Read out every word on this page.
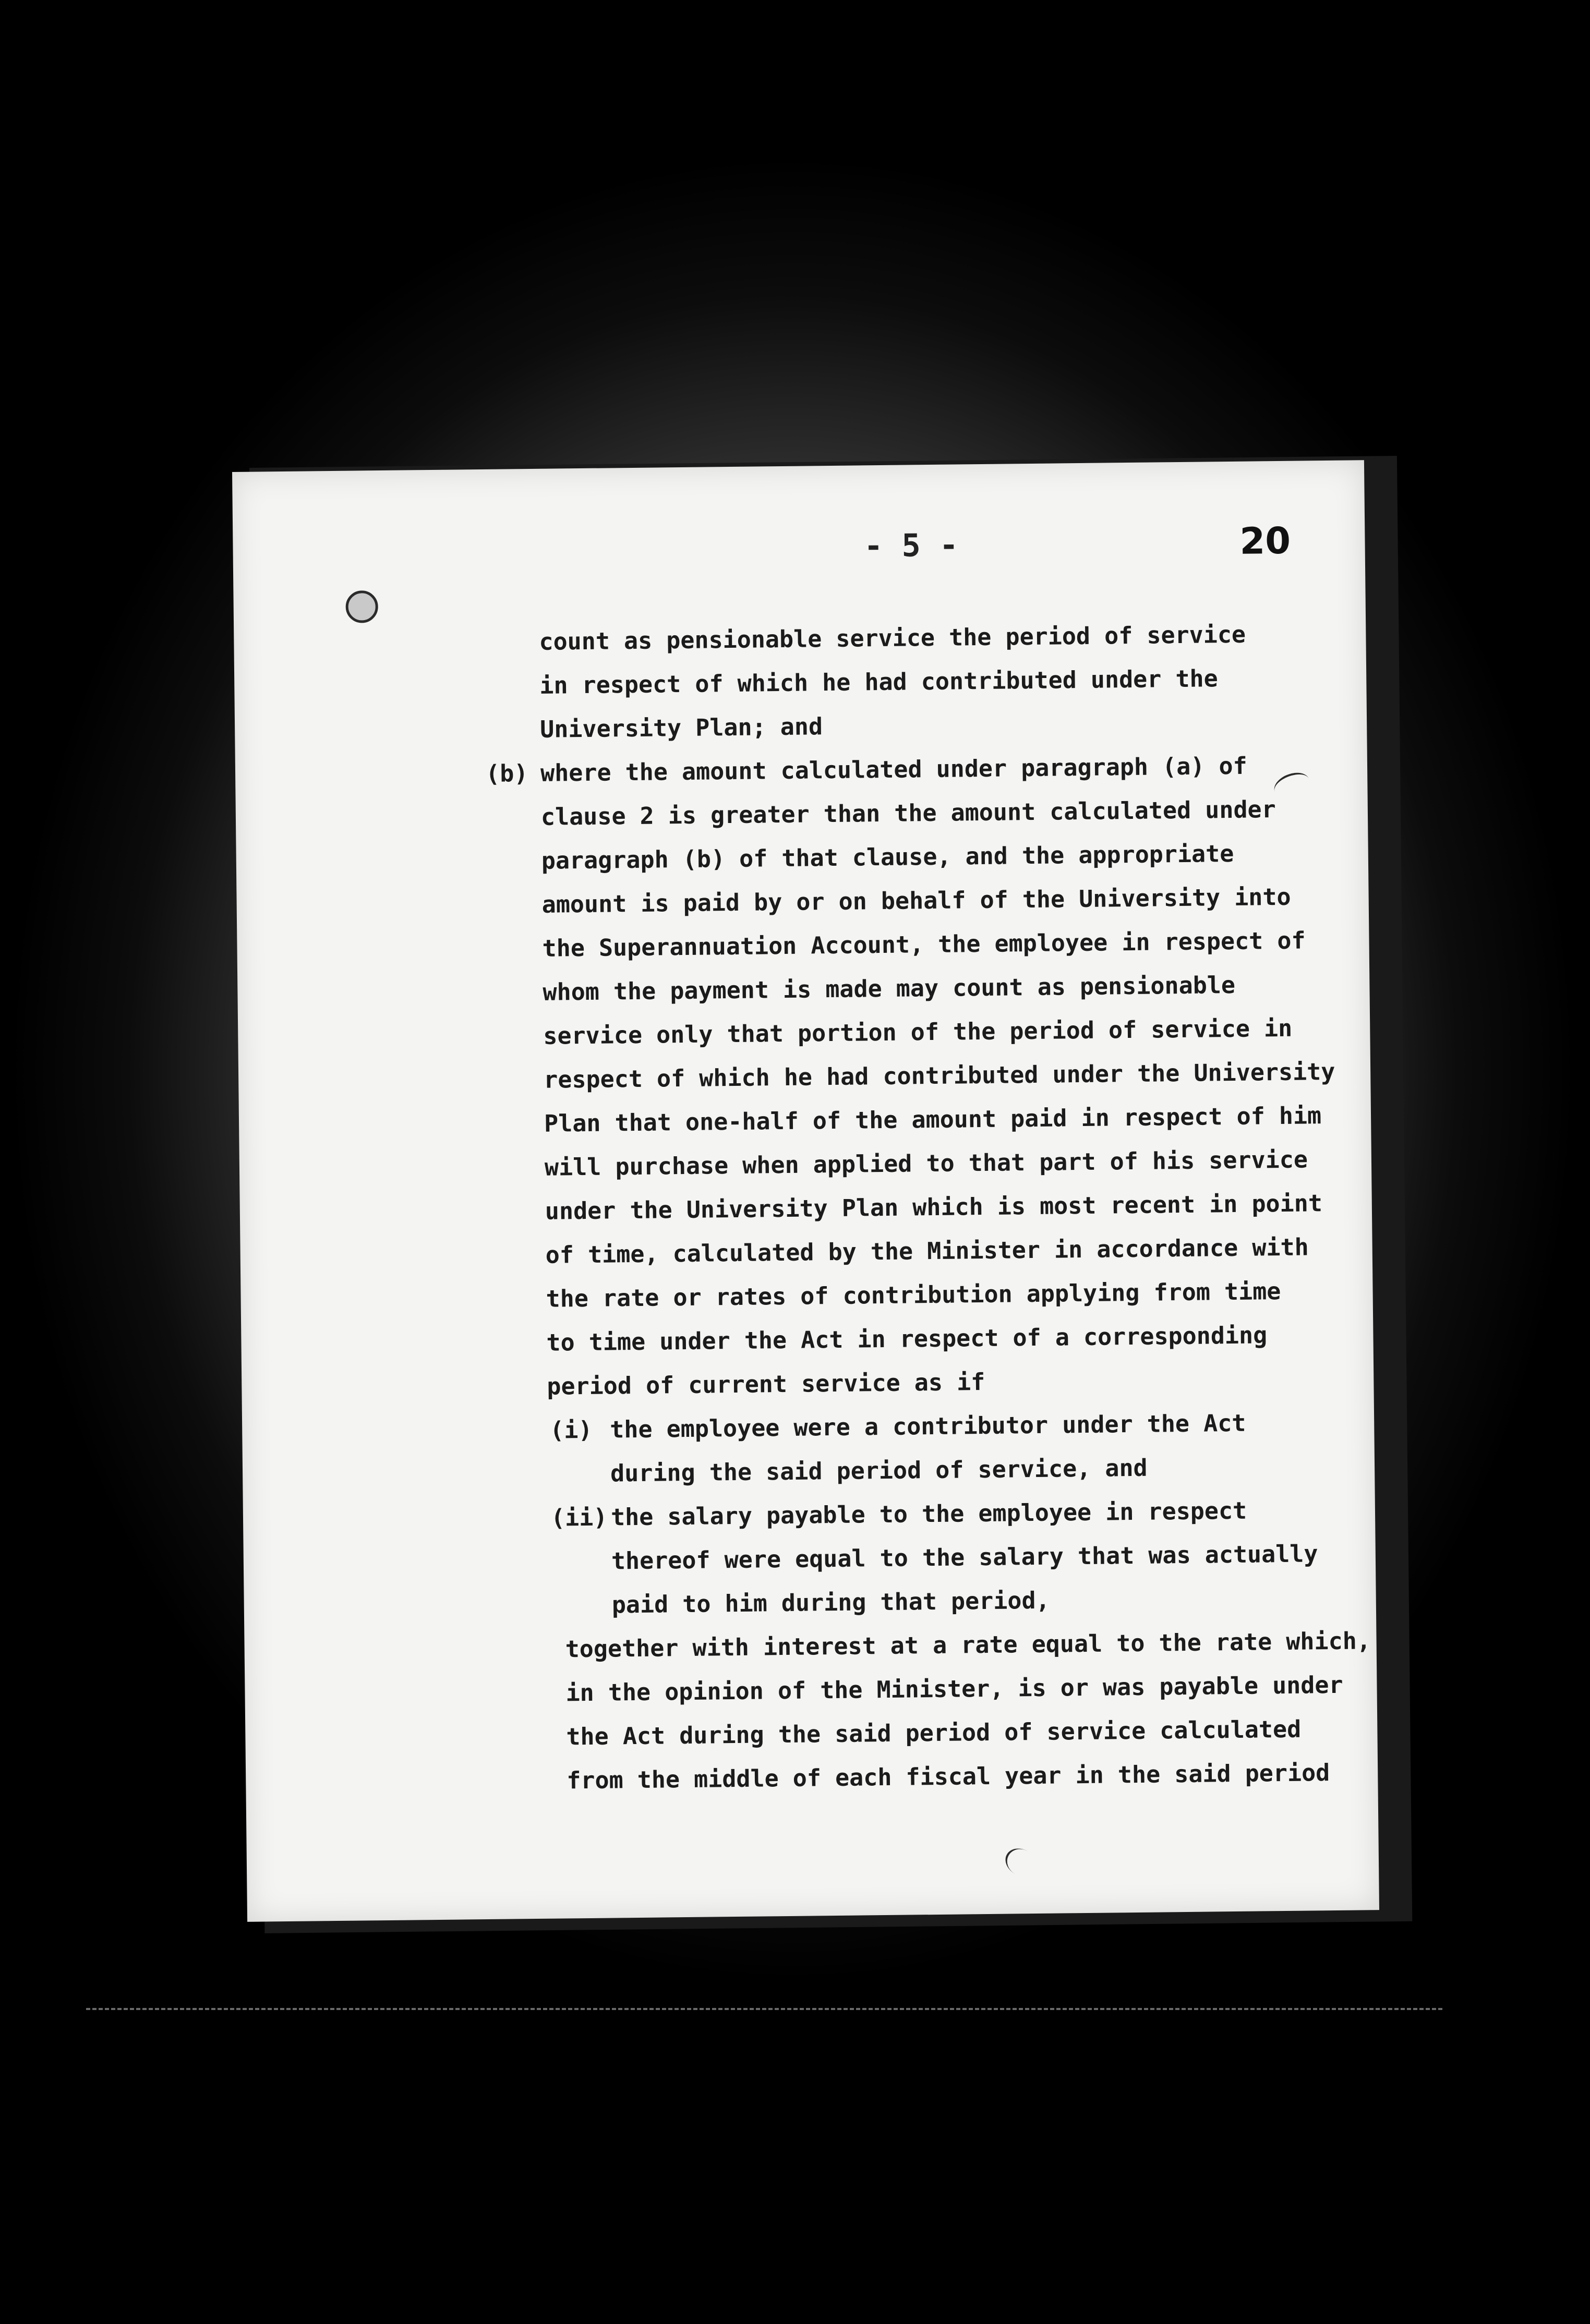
- 5 -	20
count as pensionable service the period of service
in respect of which he had contributed under the
University Plan; and
(b) where the amount calculated under paragraph (a) of
clause 2 is greater than the amount calculated under
paragraph (b) of that clause, and the appropriate
amount is paid by or on behalf of the University into
the Superannuation Account, the employee in respect of
whom the payment is made may count as pensionable
service only that portion of the period of service in
respect of which he had contributed under the University
Plan that one-half of the amount paid in respect of him
will purchase when applied to that part of his service
under the University Plan which is most recent in point
of time, calculated by the Minister in accordance with
the rate or rates of contribution applying from time
to time under the Act in respect of a corresponding
period of current service as if
(i) the employee were a contributor under the Act
during the said period of service, and
(ii) the salary payable to the employee in respect
thereof were equal to the salary that was actually
paid to him during that period,
together with interest at a rate equal to the rate which,
in the opinion of the Minister, is or was payable under
the Act during the said period of service calculated
from the middle of each fiscal year in the said period
